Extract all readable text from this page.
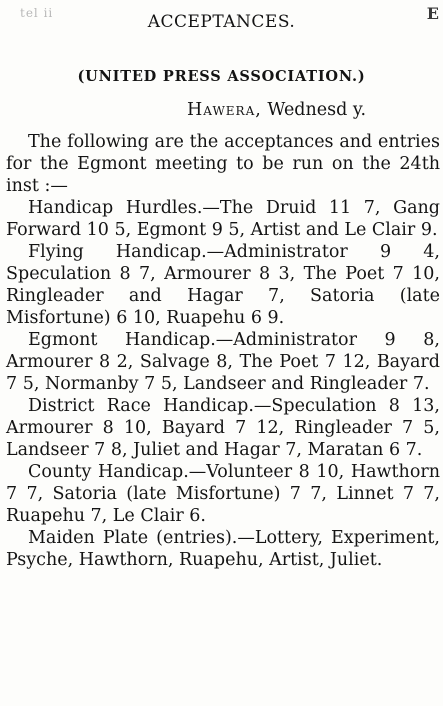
tel ii	E
ACCEPTANCES.
(UNITED PRESS ASSOCIATION.)
Hawera, Wednesd y.
The following are the acceptances and entries for the Egmont meeting to be run on the 24th inst :—
Handicap Hurdles.—The Druid 11 7, Gang Forward 10 5, Egmont 9 5, Artist and Le Clair 9.
Flying Handicap.—Administrator 9 4, Speculation 8 7, Armourer 8 3, The Poet 7 10, Ringleader and Hagar 7, Satoria (late Misfortune) 6 10, Ruapehu 6 9.
Egmont Handicap.—Administrator 9 8, Armourer 8 2, Salvage 8, The Poet 7 12, Bayard 7 5, Normanby 7 5, Landseer and Ringleader 7.
District Race Handicap.—Speculation 8 13, Armourer 8 10, Bayard 7 12, Ringleader 7 5, Landseer 7 8, Juliet and Hagar 7, Maratan 6 7.
County Handicap.—Volunteer 8 10, Hawthorn 7 7, Satoria (late Misfortune) 7 7, Linnet 7 7, Ruapehu 7, Le Clair 6.
Maiden Plate (entries).—Lottery, Experiment, Psyche, Hawthorn, Ruapehu, Artist, Juliet.
